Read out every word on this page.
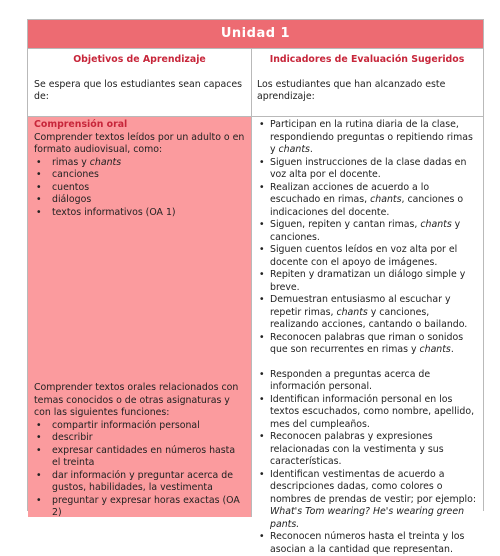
Unidad 1
Objetivos de Aprendizaje
Se espera que los estudiantes sean capaces de:
Indicadores de Evaluación Sugeridos
Los estudiantes que han alcanzado este aprendizaje:
Comprensión oral
Comprender textos leídos por un adulto o en formato audiovisual, como:
• rimas y chants
• canciones
• cuentos
• diálogos
• textos informativos (OA 1)
Comprender textos orales relacionados con temas conocidos o de otras asignaturas y con las siguientes funciones:
• compartir información personal
• describir
• expresar cantidades en números hasta el treinta
• dar información y preguntar acerca de gustos, habilidades, la vestimenta
• preguntar y expresar horas exactas (OA 2)
• Participan en la rutina diaria de la clase, respondiendo preguntas o repitiendo rimas y chants.
• Siguen instrucciones de la clase dadas en voz alta por el docente.
• Realizan acciones de acuerdo a lo escuchado en rimas, chants, canciones o indicaciones del docente.
• Siguen, repiten y cantan rimas, chants y canciones.
• Siguen cuentos leídos en voz alta por el docente con el apoyo de imágenes.
• Repiten y dramatizan un diálogo simple y breve.
• Demuestran entusiasmo al escuchar y repetir rimas, chants y canciones, realizando acciones, cantando o bailando.
• Reconocen palabras que riman o sonidos que son recurrentes en rimas y chants.
• Responden a preguntas acerca de información personal.
• Identifican información personal en los textos escuchados, como nombre, apellido, mes del cumpleaños.
• Reconocen palabras y expresiones relacionadas con la vestimenta y sus características.
• Identifican vestimentas de acuerdo a descripciones dadas, como colores o nombres de prendas de vestir; por ejemplo: What's Tom wearing? He's wearing green pants.
• Reconocen números hasta el treinta y los asocian a la cantidad que representan.
